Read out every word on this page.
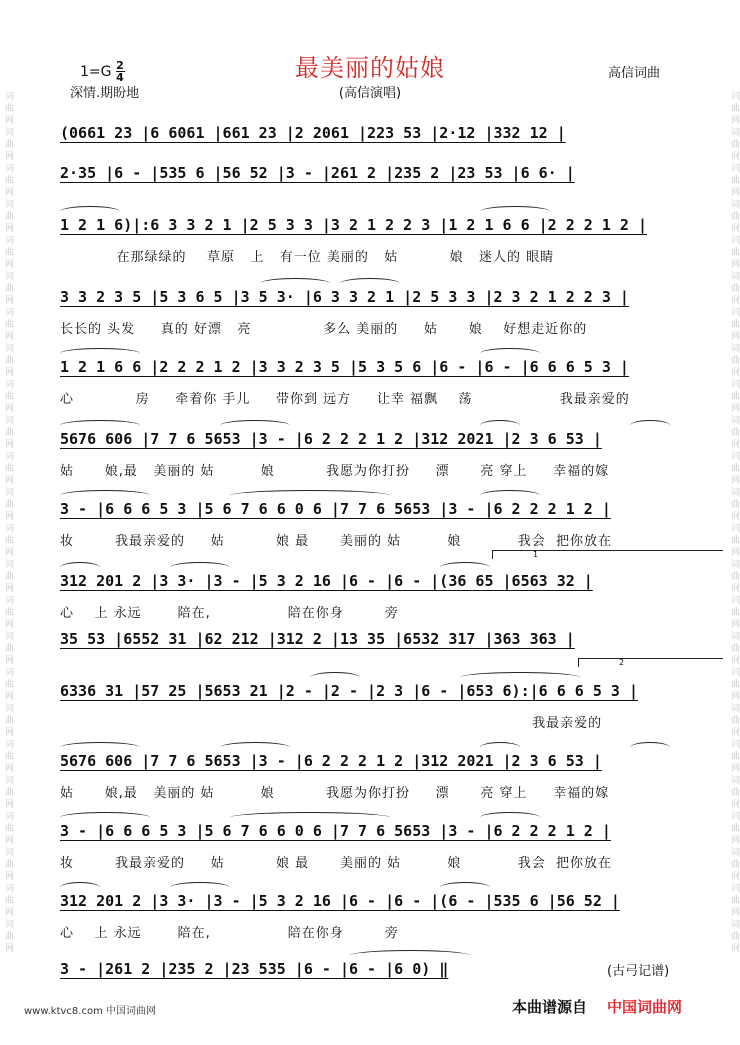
词曲网词曲网词曲网词曲网词曲网词曲网词曲网词曲网词曲网词曲网词曲网词曲网词曲网词曲网词曲网词曲网词曲网词曲网词曲网词曲网词曲网词曲网词曲网词曲网	词曲网词曲网词曲网词曲网词曲网词曲网词曲网词曲网词曲网词曲网词曲网词曲网词曲网词曲网词曲网词曲网词曲网词曲网词曲网词曲网词曲网词曲网词曲网词曲网
$1=G \frac{2}{4}$
深情.期盼地
最美丽的姑娘
(高信演唱)
高信词曲
(0661 23 |6 6061 |661 23 |2 2061 |223 53 |2·12 |332 12 |
2·35 |6 - |535 6 |56 52 |3 - |261 2 |235 2 |23 53 |6 6· |
1 2 1 6)|:6 3 3 2 1 |2 5 3 3 |3 2 1 2 2 3 |1 2 1 6 6 |2 2 2 1 2 |
在那绿绿的    草原   上   有一位 美丽的   姑          娘   迷人的 眼睛
3 3 2 3 5 |5 3 6 5 |3 5 3· |6 3 3 2 1 |2 5 3 3 |2 3 2 1 2 2 3 |
长长的 头发     真的 好漂   亮              多么 美丽的     姑      娘    好想走近你的
1 2 1 6 6 |2 2 2 1 2 |3 3 2 3 5 |5 3 5 6 |6 - |6 - |6 6 6 5 3 |
心            房     牵着你 手儿     带你到 远方     让幸 福飘    荡                 我最亲爱的
5676 606 |7 7 6 5653 |3 - |6 2 2 2 1 2 |312 2021 |2 3 6 53 |
姑      娘,最   美丽的 姑         娘          我愿为你打扮     漂      亮 穿上     幸福的嫁
3 - |6 6 6 5 3 |5 6 7 6 6 0 6 |7 7 6 5653 |3 - |6 2 2 2 1 2 |
妆        我最亲爱的     姑          娘 最      美丽的 姑         娘           我会  把你放在
312 201 2 |3 3· |3 - |5 3 2 16 |6 - |6 - |(36 65 |6563 32 |
心    上 永远       陪在,               陪在你身        旁
35 53 |6552 31 |62 212 |312 2 |13 35 |6532 317 |363 363 |
6336 31 |57 25 |5653 21 |2 - |2 - |2 3 |6 - |653 6):|6 6 6 5 3 |
我最亲爱的
5676 606 |7 7 6 5653 |3 - |6 2 2 2 1 2 |312 2021 |2 3 6 53 |
姑      娘,最   美丽的 姑         娘          我愿为你打扮     漂      亮 穿上     幸福的嫁
3 - |6 6 6 5 3 |5 6 7 6 6 0 6 |7 7 6 5653 |3 - |6 2 2 2 1 2 |
妆        我最亲爱的     姑          娘 最      美丽的 姑         娘           我会  把你放在
312 201 2 |3 3· |3 - |5 3 2 16 |6 - |6 - |(6 - |535 6 |56 52 |
心    上 永远       陪在,               陪在你身        旁
3 - |261 2 |235 2 |23 535 |6 - |6 - |6 0) ‖
1
2
(古弓记谱)
www.ktvc8.com 中国词曲网	本曲谱源自 中国词曲网
